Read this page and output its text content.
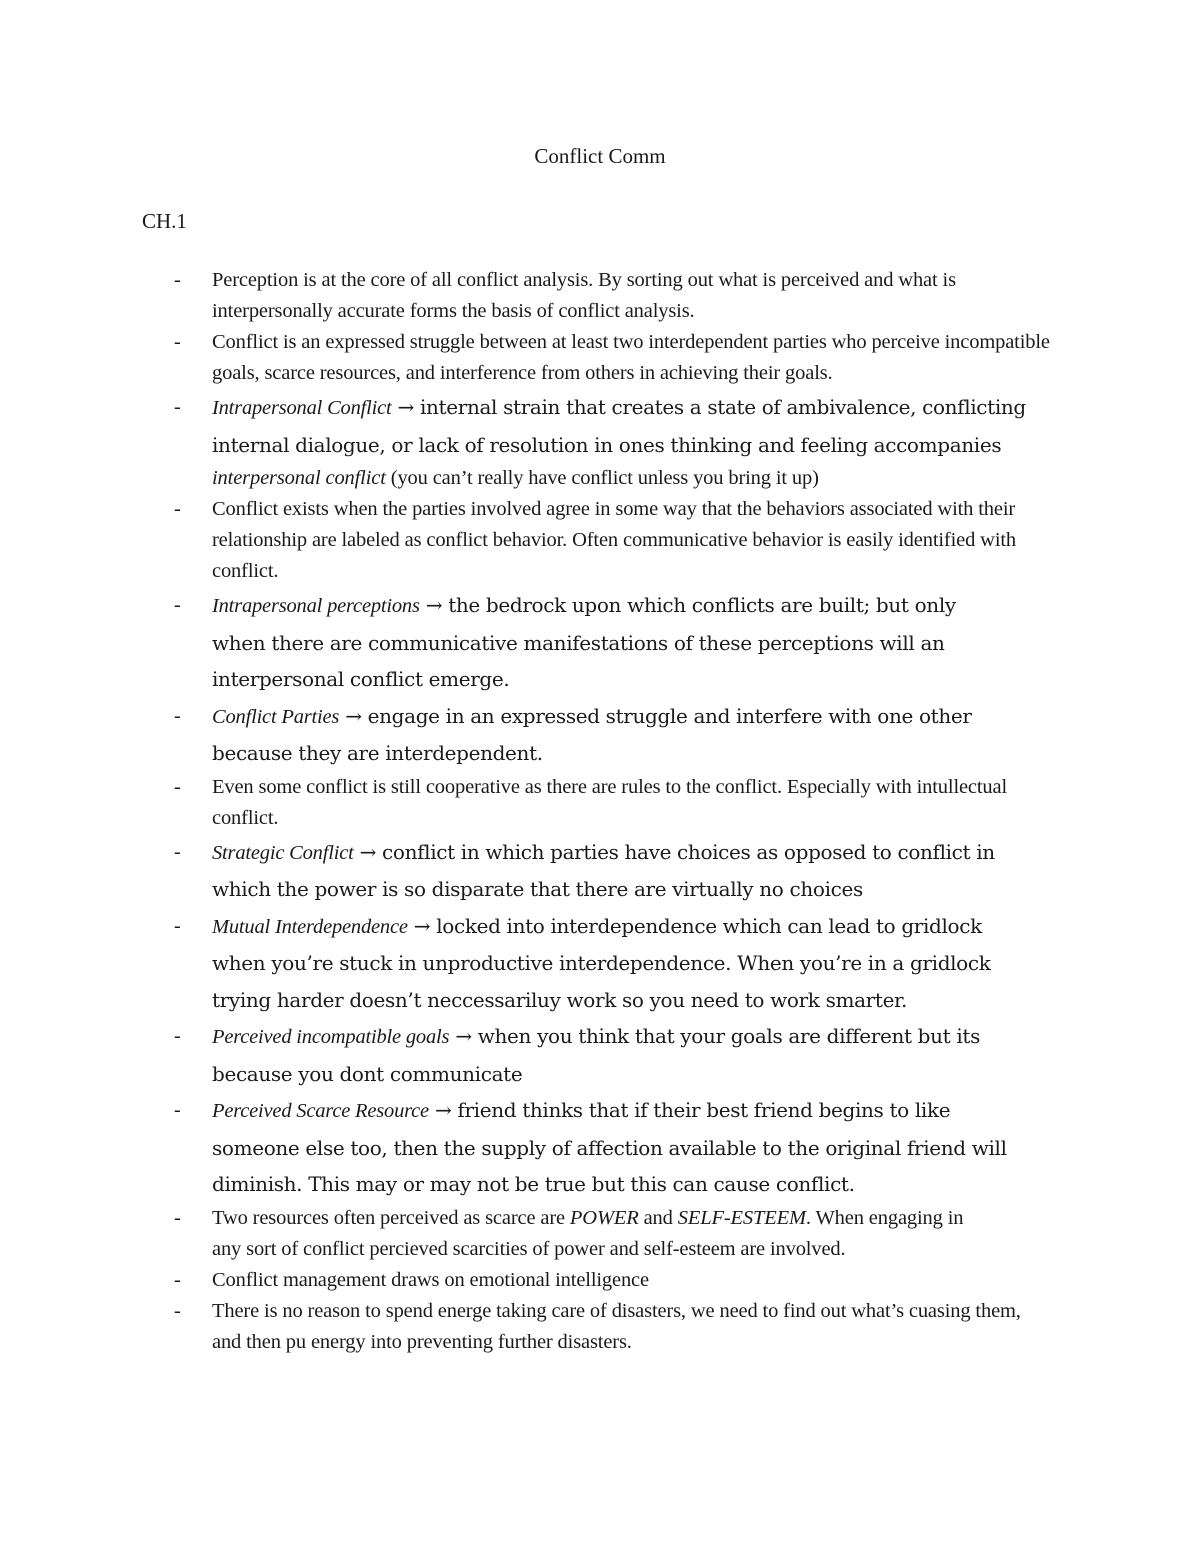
Conflict Comm
CH.1
-	Perception is at the core of all conflict analysis. By sorting out what is perceived and what is interpersonally accurate forms the basis of conflict analysis.
-	Conflict is an expressed struggle between at least two interdependent parties who perceive incompatible goals, scarce resources, and interference from others in achieving their goals.
-	Intrapersonal Conflict → internal strain that creates a state of ambivalence, conflicting internal dialogue, or lack of resolution in ones thinking and feeling accompanies
interpersonal conflict (you can’t really have conflict unless you bring it up)
-	Conflict exists when the parties involved agree in some way that the behaviors associated with their relationship are labeled as conflict behavior. Often communicative behavior is easily identified with conflict.
-	Intrapersonal perceptions → the bedrock upon which conflicts are built; but only when there are communicative manifestations of these perceptions will an interpersonal conflict emerge.
-	Conflict Parties → engage in an expressed struggle and interfere with one other because they are interdependent.
-	Even some conflict is still cooperative as there are rules to the conflict. Especially with intullectual conflict.
-	Strategic Conflict → conflict in which parties have choices as opposed to conflict in which the power is so disparate that there are virtually no choices
-	Mutual Interdependence → locked into interdependence which can lead to gridlock when you’re stuck in unproductive interdependence. When you’re in a gridlock trying harder doesn’t neccessariluy work so you need to work smarter.
-	Perceived incompatible goals → when you think that your goals are different but its because you dont communicate
-	Perceived Scarce Resource → friend thinks that if their best friend begins to like someone else too, then the supply of affection available to the original friend will diminish. This may or may not be true but this can cause conflict.
-	Two resources often perceived as scarce are POWER and SELF-ESTEEM. When engaging in any sort of conflict percieved scarcities of power and self-esteem are involved.
-	Conflict management draws on emotional intelligence
-	There is no reason to spend energe taking care of disasters, we need to find out what’s cuasing them, and then pu energy into preventing further disasters.
